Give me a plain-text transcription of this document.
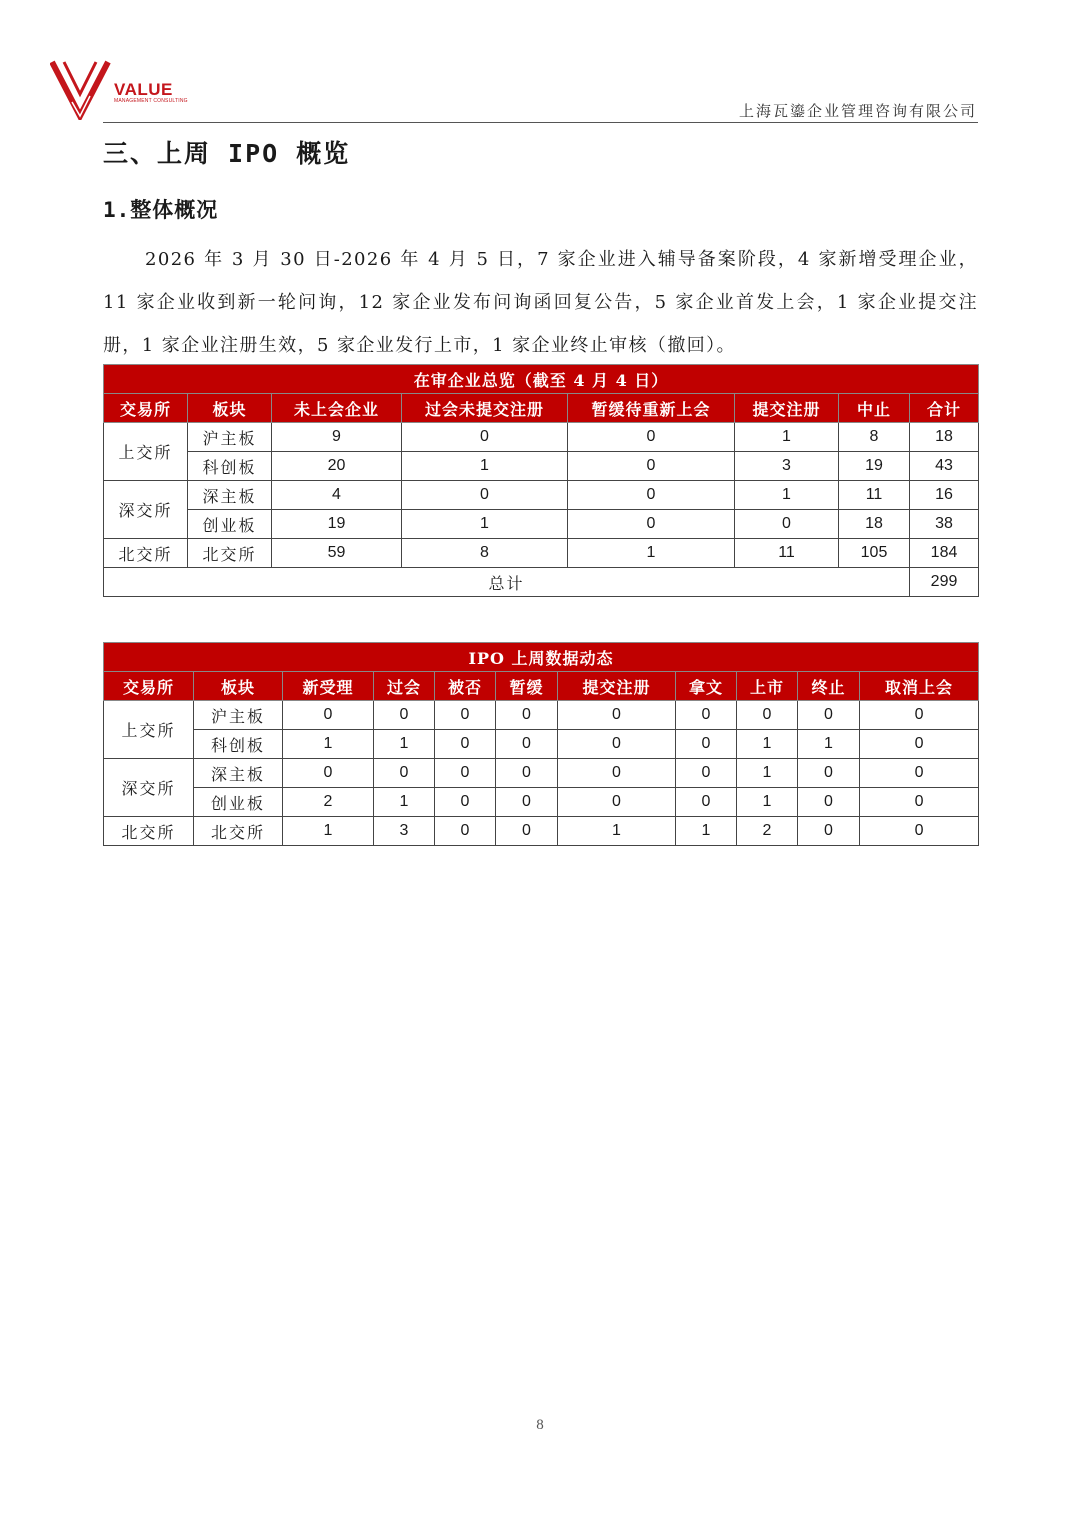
VALUE
MANAGEMENT CONSULTING
上海瓦鎏企业管理咨询有限公司
三、上周 IPO 概览
1.整体概况

2026 年 3 月 30 日-2026 年 4 月 5 日，7 家企业进入辅导备案阶段，4 家新增受理企业，11 家企业收到新一轮问询，12 家企业发布问询函回复公告，5 家企业首发上会，1 家企业提交注册，1 家企业注册生效，5 家企业发行上市，1 家企业终止审核（撤回）。

在审企业总览（截至 4 月 4 日）							
交易所	板块	未上会企业	过会未提交注册	暂缓待重新上会	提交注册	中止	合计
上交所	沪主板	9	0	0	1	8	18
	科创板	20	1	0	3	19	43
深交所	深主板	4	0	0	1	11	16
	创业板	19	1	0	0	18	38
北交所	北交所	59	8	1	11	105	184
总计							299
IPO 上周数据动态										
交易所	板块	新受理	过会	被否	暂缓	提交注册	拿文	上市	终止	取消上会
上交所	沪主板	0	0	0	0	0	0	0	0	0
	科创板	1	1	0	0	0	0	1	1	0
深交所	深主板	0	0	0	0	0	0	1	0	0
	创业板	2	1	0	0	0	0	1	0	0
北交所	北交所	1	3	0	0	1	1	2	0	0
8
